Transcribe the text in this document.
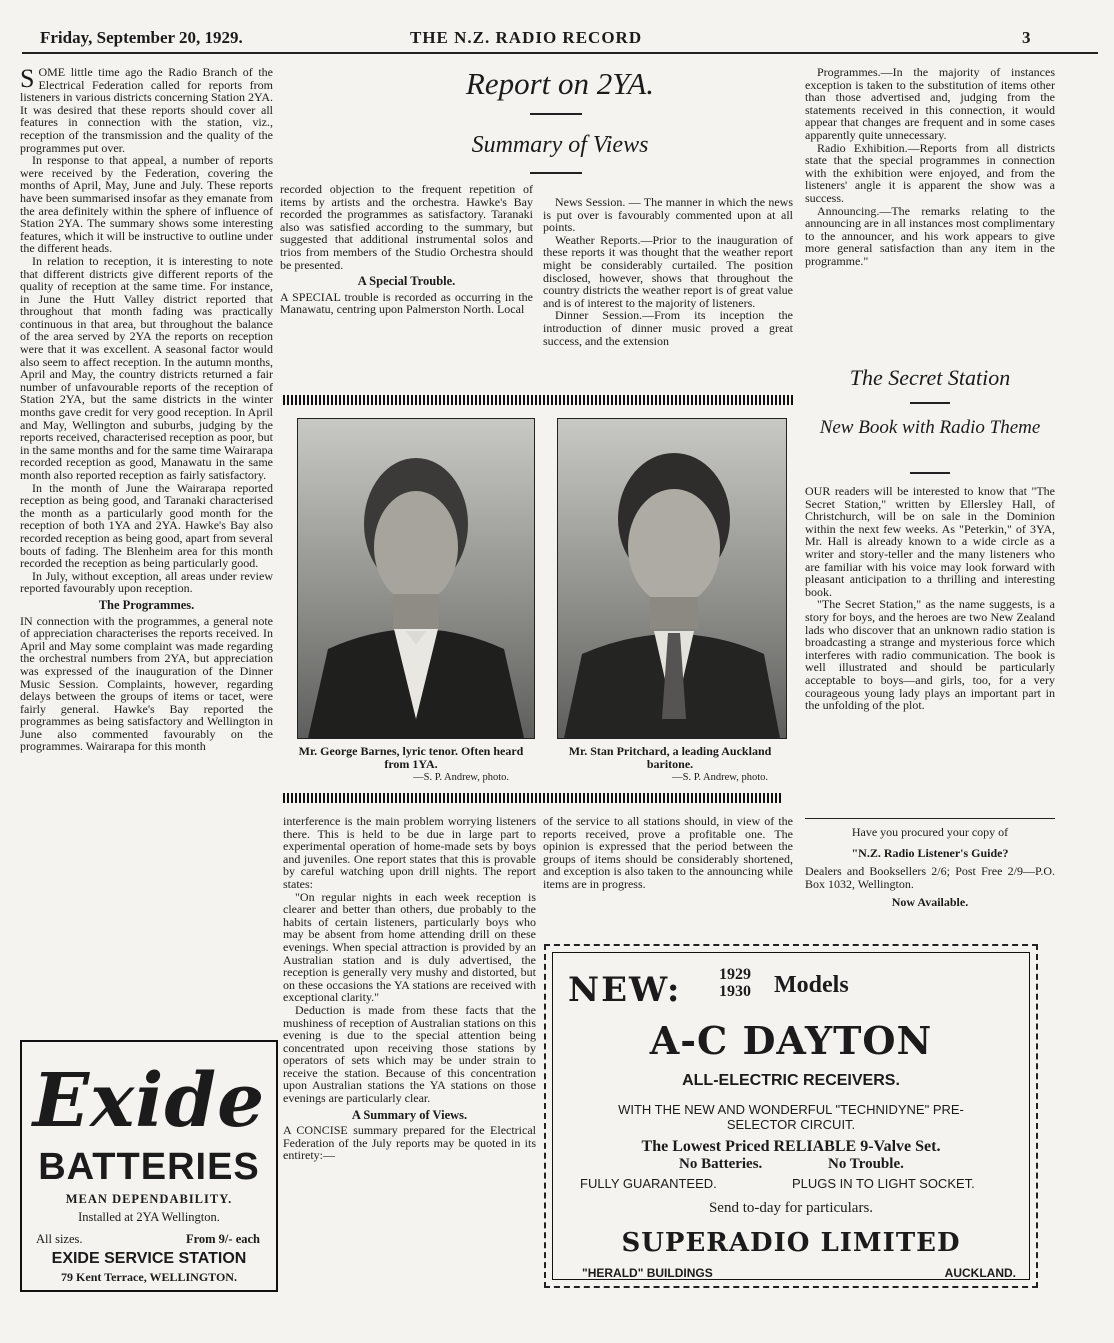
Friday, September 20, 1929.	THE N.Z. RADIO RECORD	3
Report on 2YA.
Summary of Views

SOME little time ago the Radio Branch of the Electrical Federation called for reports from listeners in various districts concerning Station 2YA. It was desired that these reports should cover all features in connection with the station, viz., reception of the transmission and the quality of the programmes put over.

In response to that appeal, a number of reports were received by the Federation, covering the months of April, May, June and July. These reports have been summarised insofar as they emanate from the area definitely within the sphere of influence of Station 2YA. The summary shows some interesting features, which it will be instructive to outline under the different heads.

In relation to reception, it is interesting to note that different districts give different reports of the quality of reception at the same time. For instance, in June the Hutt Valley district reported that throughout that month fading was practically continuous in that area, but throughout the balance of the area served by 2YA the reports on reception were that it was excellent. A seasonal factor would also seem to affect reception. In the autumn months, April and May, the country districts returned a fair number of unfavourable reports of the reception of Station 2YA, but the same districts in the winter months gave credit for very good reception. In April and May, Wellington and suburbs, judging by the reports received, characterised reception as poor, but in the same months and for the same time Wairarapa recorded reception as good, Manawatu in the same month also reported reception as fairly satisfactory.

In the month of June the Wairarapa reported reception as being good, and Taranaki characterised the month as a particularly good month for the reception of both 1YA and 2YA. Hawke's Bay also recorded reception as being good, apart from several bouts of fading. The Blenheim area for this month recorded the reception as being particularly good.

In July, without exception, all areas under review reported favourably upon reception.

The Programmes.

IN connection with the programmes, a general note of appreciation characterises the reports received. In April and May some complaint was made regarding the orchestral numbers from 2YA, but appreciation was expressed of the inauguration of the Dinner Music Session. Complaints, however, regarding delays between the groups of items or tacet, were fairly general. Hawke's Bay reported the programmes as being satisfactory and Wellington in June also commented favourably on the programmes. Wairarapa for this month

recorded objection to the frequent repetition of items by artists and the orchestra. Hawke's Bay recorded the programmes as satisfactory. Taranaki also was satisfied according to the summary, but suggested that additional instrumental solos and trios from members of the Studio Orchestra should be presented.

A Special Trouble.

A SPECIAL trouble is recorded as occurring in the Manawatu, centring upon Palmerston North. Local

News Session. — The manner in which the news is put over is favourably commented upon at all points.

Weather Reports.—Prior to the inauguration of these reports it was thought that the weather report might be considerably curtailed. The position disclosed, however, shows that throughout the country districts the weather report is of great value and is of interest to the majority of listeners.

Dinner Session.—From its inception the introduction of dinner music proved a great success, and the extension

Mr. George Barnes, lyric tenor. Often heard from 1YA.
—S. P. Andrew, photo.
Mr. Stan Pritchard, a leading Auckland baritone.
—S. P. Andrew, photo.

interference is the main problem worrying listeners there. This is held to be due in large part to experimental operation of home-made sets by boys and juveniles. One report states that this is provable by careful watching upon drill nights. The report states:

"On regular nights in each week reception is clearer and better than others, due probably to the habits of certain listeners, particularly boys who may be absent from home attending drill on these evenings. When special attraction is provided by an Australian station and is duly advertised, the reception is generally very mushy and distorted, but on these occasions the YA stations are received with exceptional clarity."

Deduction is made from these facts that the mushiness of reception of Australian stations on this evening is due to the special attention being concentrated upon receiving those stations by operators of sets which may be under strain to receive the station. Because of this concentration upon Australian stations the YA stations on those evenings are particularly clear.

A Summary of Views.

A CONCISE summary prepared for the Electrical Federation of the July reports may be quoted in its entirety:—

of the service to all stations should, in view of the reports received, prove a profitable one. The opinion is expressed that the period between the groups of items should be considerably shortened, and exception is also taken to the announcing while items are in progress.

Programmes.—In the majority of instances exception is taken to the substitution of items other than those advertised and, judging from the statements received in this connection, it would appear that changes are frequent and in some cases apparently quite unnecessary.

Radio Exhibition.—Reports from all districts state that the special programmes in connection with the exhibition were enjoyed, and from the listeners' angle it is apparent the show was a success.

Announcing.—The remarks relating to the announcing are in all instances most complimentary to the announcer, and his work appears to give more general satisfaction than any item in the programme."

The Secret Station
New Book with Radio Theme

OUR readers will be interested to know that "The Secret Station," written by Ellersley Hall, of Christchurch, will be on sale in the Dominion within the next few weeks. As "Peterkin," of 3YA, Mr. Hall is already known to a wide circle as a writer and story-teller and the many listeners who are familiar with his voice may look forward with pleasant anticipation to a thrilling and interesting book.

"The Secret Station," as the name suggests, is a story for boys, and the heroes are two New Zealand lads who discover that an unknown radio station is broadcasting a strange and mysterious force which interferes with radio communication. The book is well illustrated and should be particularly acceptable to boys—and girls, too, for a very courageous young lady plays an important part in the unfolding of the plot.

Have you procured your copy of
"N.Z. Radio Listener's Guide?
Dealers and Booksellers 2/6; Post Free 2/9—P.O. Box 1032, Wellington.
Now Available.
Exide
BATTERIES
MEAN DEPENDABILITY.
Installed at 2YA Wellington.
All sizes.	From 9/- each
EXIDE SERVICE STATION
79 Kent Terrace, WELLINGTON.
NEW: 1929
1930 Models
A-C DAYTON
ALL-ELECTRIC RECEIVERS.
WITH THE NEW AND WONDERFUL "TECHNIDYNE" PRE-SELECTOR CIRCUIT.
The Lowest Priced RELIABLE 9-Valve Set.
No Batteries.	No Trouble.
FULLY GUARANTEED.	PLUGS IN TO LIGHT SOCKET.
Send to-day for particulars.
SUPERADIO LIMITED
"HERALD" BUILDINGS	AUCKLAND.
